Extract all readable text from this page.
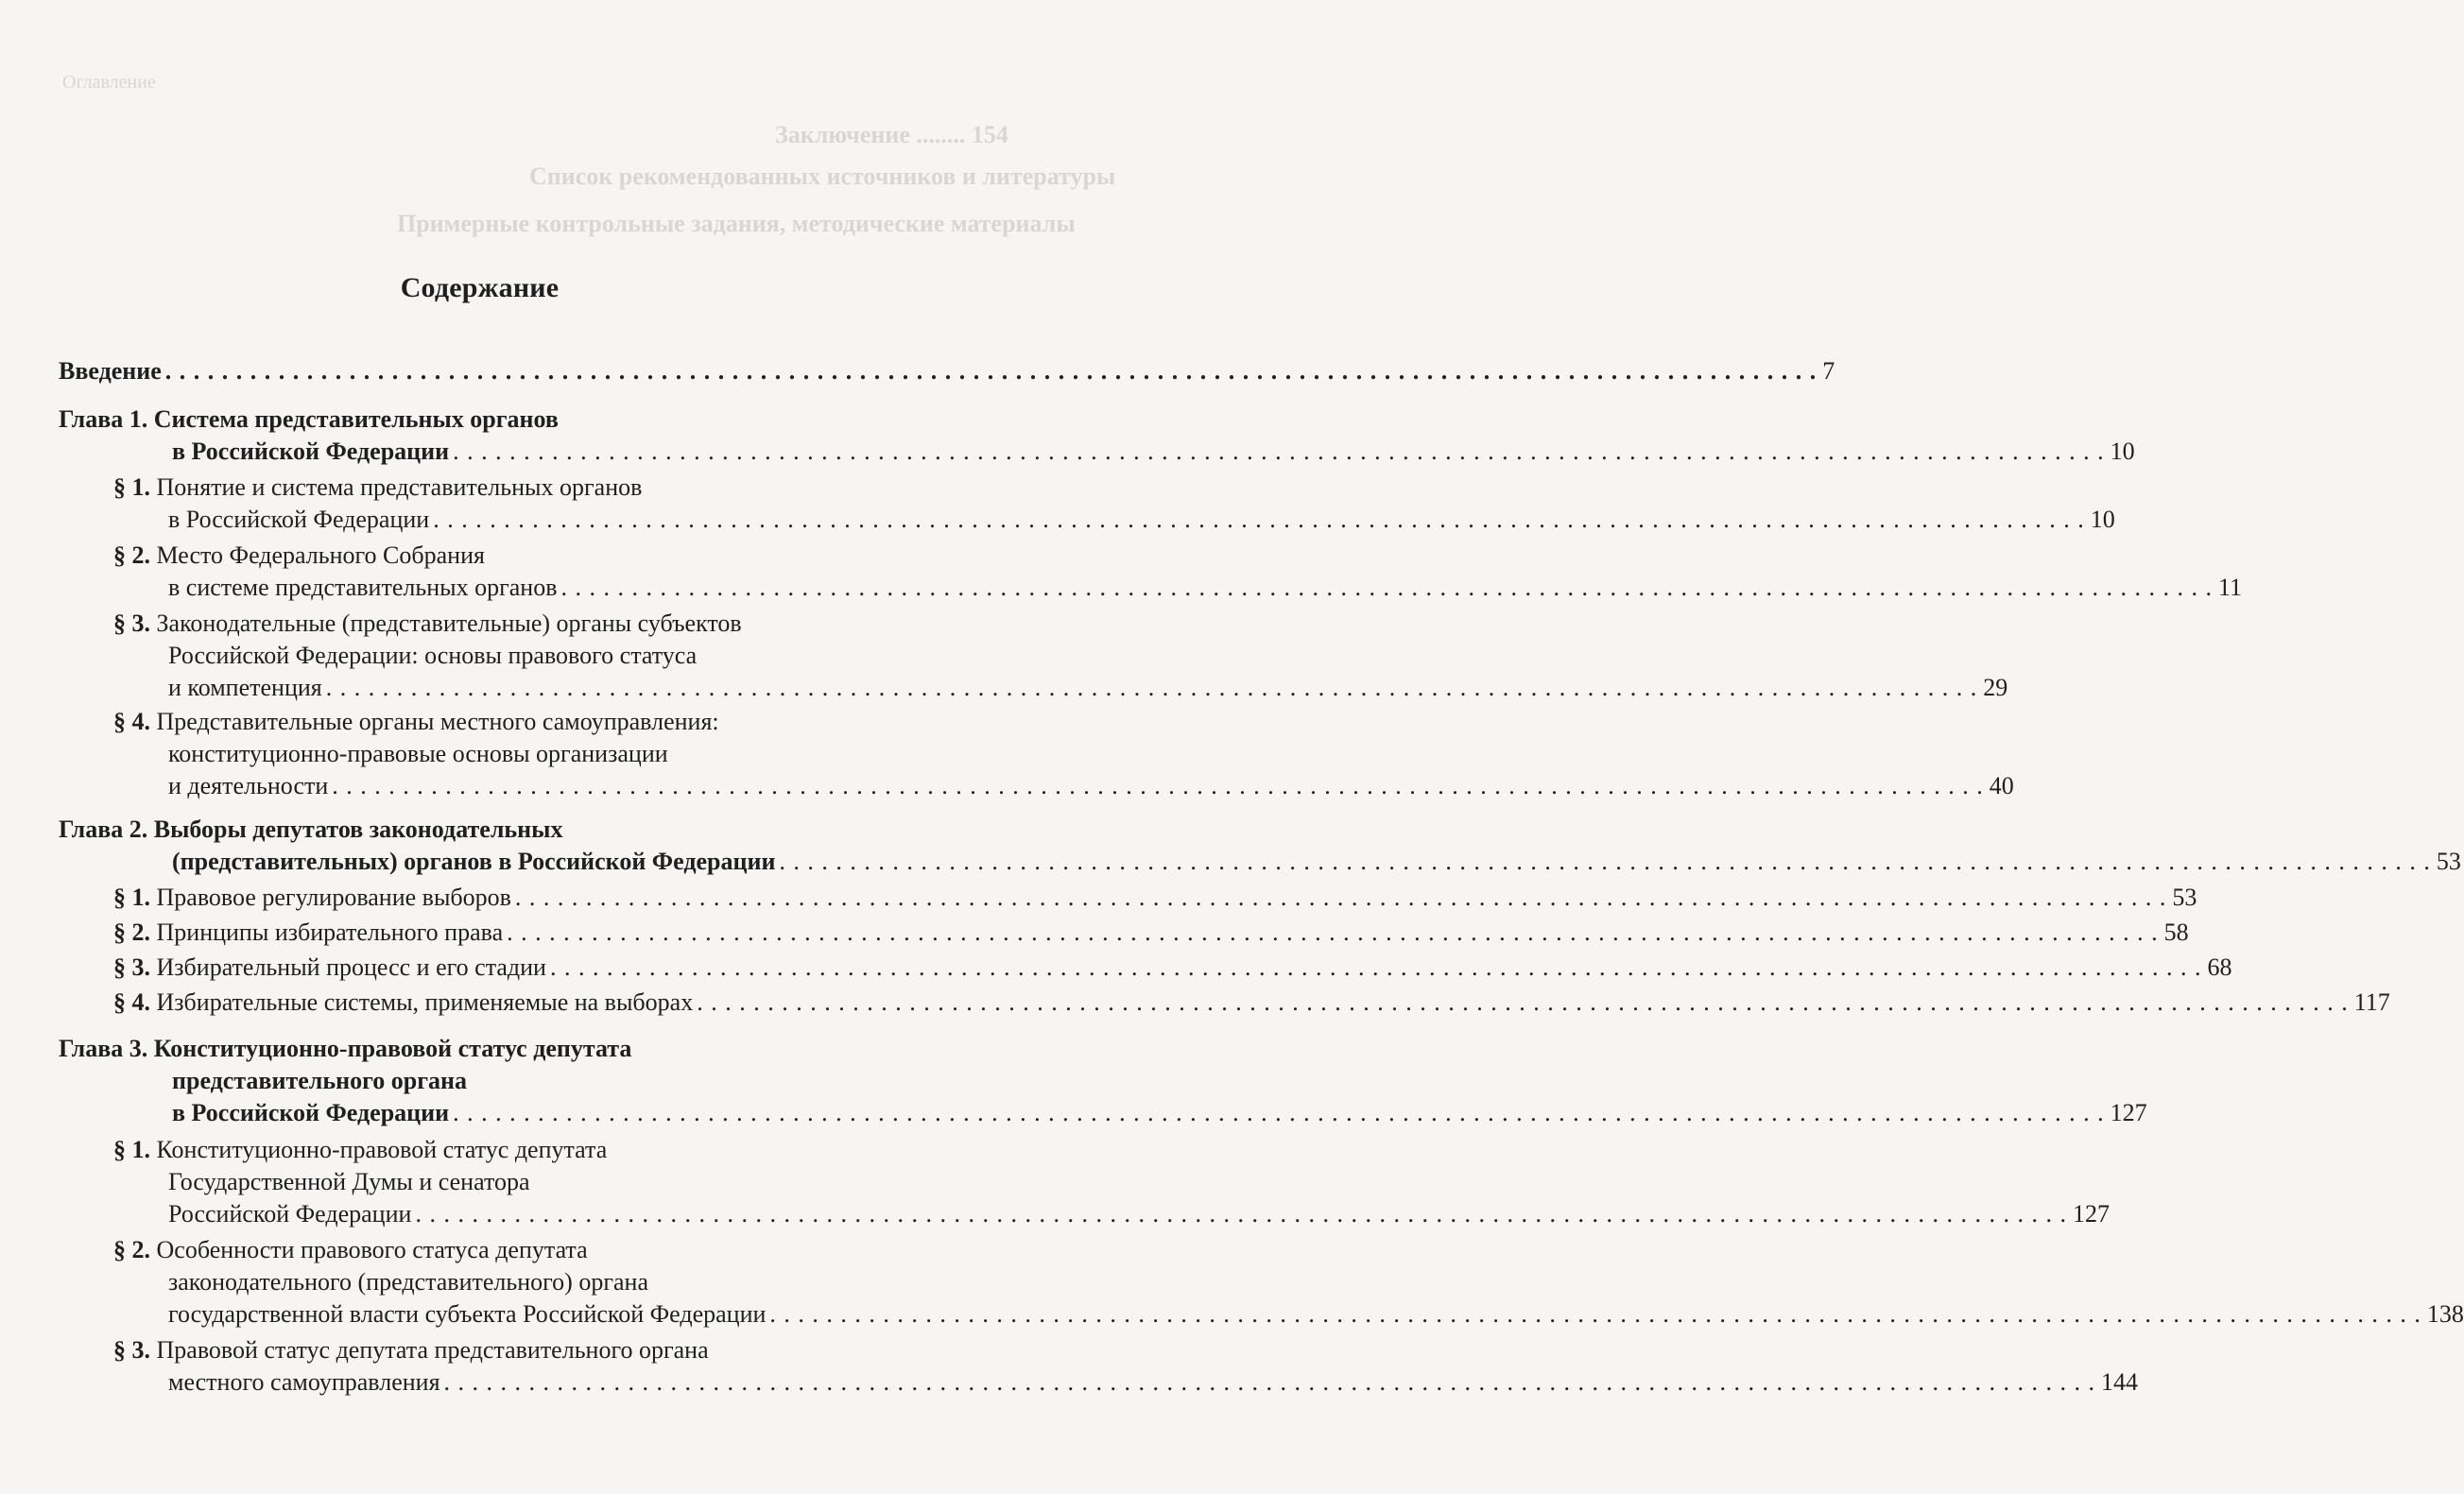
Оглавление
Заключение ........ 154
Список рекомендованных источников и литературы
Примерные контрольные задания, методические материалы
Содержание
Введение . . .	7
Глава 1. Система представительных органов
в Российской Федерации . . .	10
§ 1. Понятие и система представительных органов
в Российской Федерации . . .	10
§ 2. Место Федерального Собрания
в системе представительных органов . . .	11
§ 3. Законодательные (представительные) органы субъектов
Российской Федерации: основы правового статуса
и компетенция . . .	29
§ 4. Представительные органы местного самоуправления:
конституционно-правовые основы организации
и деятельности . . .	40
Глава 2. Выборы депутатов законодательных
(представительных) органов в Российской Федерации . . .	53
§ 1. Правовое регулирование выборов . . .	53
§ 2. Принципы избирательного права . . .	58
§ 3. Избирательный процесс и его стадии . . .	68
§ 4. Избирательные системы, применяемые на выборах . . .	117
Глава 3. Конституционно-правовой статус депутата
представительного органа
в Российской Федерации . . .	127
§ 1. Конституционно-правовой статус депутата
Государственной Думы и сенатора
Российской Федерации . . .	127
§ 2. Особенности правового статуса депутата
законодательного (представительного) органа
государственной власти субъекта Российской Федерации . . .	138
§ 3. Правовой статус депутата представительного органа
местного самоуправления . . .	144
